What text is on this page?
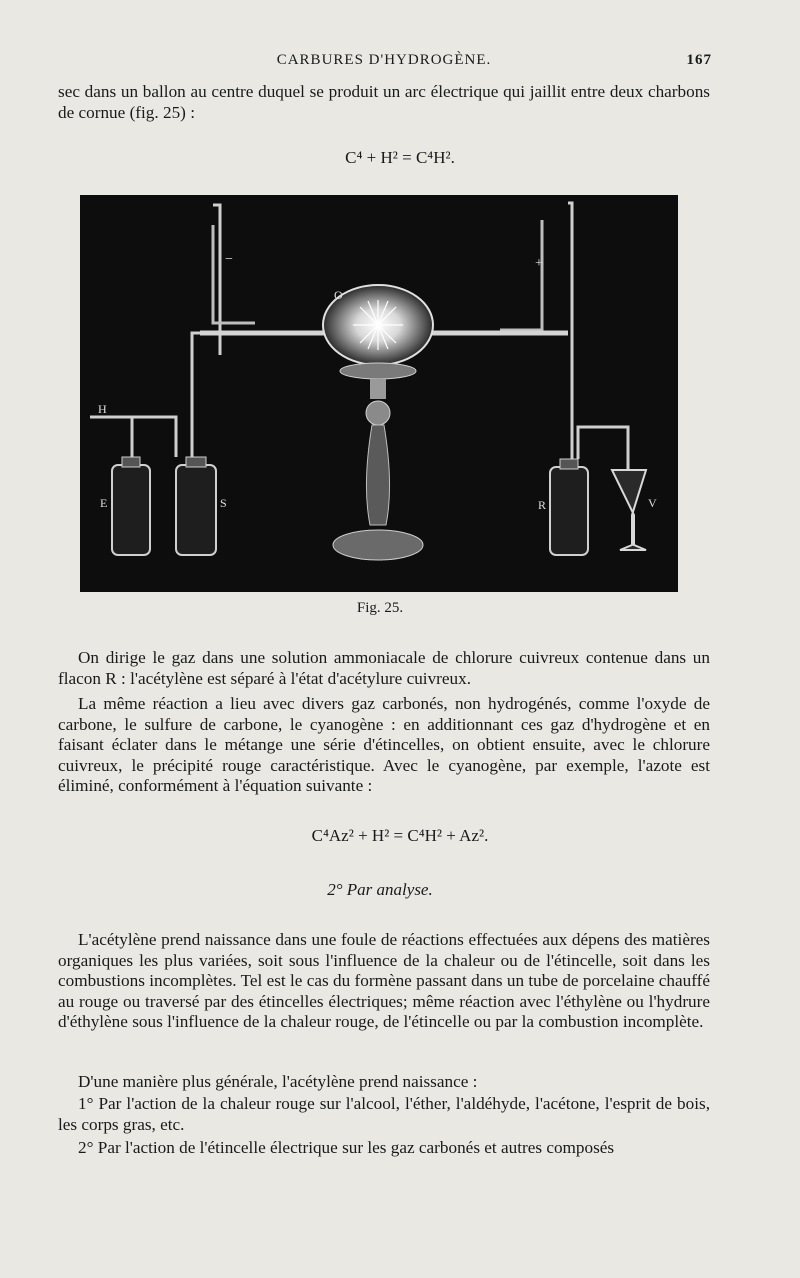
CARBURES D'HYDROGÈNE.	167

sec dans un ballon au centre duquel se produit un arc électrique qui jaillit entre deux charbons de cornue (fig. 25) :

C⁴ + H² = C⁴H².
−	+
O
H
E	S	R	V
Fig. 25.

On dirige le gaz dans une solution ammoniacale de chlorure cuivreux contenue dans un flacon R : l'acétylène est séparé à l'état d'acétylure cuivreux.

La même réaction a lieu avec divers gaz carbonés, non hydrogénés, comme l'oxyde de carbone, le sulfure de carbone, le cyanogène : en additionnant ces gaz d'hydrogène et en faisant éclater dans le métange une série d'étincelles, on obtient ensuite, avec le chlorure cuivreux, le précipité rouge caractéristique. Avec le cyanogène, par exemple, l'azote est éliminé, conformément à l'équation suivante :

C⁴Az² + H² = C⁴H² + Az².
2° Par analyse.

L'acétylène prend naissance dans une foule de réactions effectuées aux dépens des matières organiques les plus variées, soit sous l'influence de la chaleur ou de l'étincelle, soit dans les combustions incomplètes. Tel est le cas du formène passant dans un tube de porcelaine chauffé au rouge ou traversé par des étincelles électriques; même réaction avec l'éthylène ou l'hydrure d'éthylène sous l'influence de la chaleur rouge, de l'étincelle ou par la combustion incomplète.

D'une manière plus générale, l'acétylène prend naissance :

1° Par l'action de la chaleur rouge sur l'alcool, l'éther, l'aldéhyde, l'acétone, l'esprit de bois, les corps gras, etc.

2° Par l'action de l'étincelle électrique sur les gaz carbonés et autres composés
